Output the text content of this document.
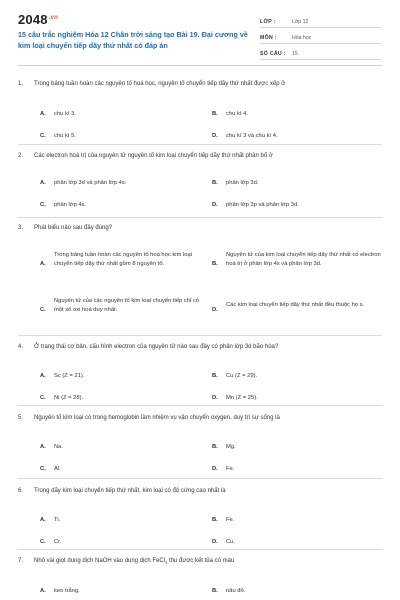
$2048^{.vn}$
15 câu trắc nghiệm Hóa 12 Chân trời sáng tạo Bài 19. Đại cương về kim loại chuyển tiếp dãy thứ nhất có đáp án
LỚP :	Lớp 12
MÔN :	Hóa học
SỐ CÂU :	15
1.	Trong bảng tuần hoàn các nguyên tố hoá học, nguyên tố chuyển tiếp dãy thứ nhất được xếp ở
A.	chu kì 3.	B.	chu kì 4.
C.	chu kì 5.	D.	chu kì 3 và chu kì 4.
2.	Các electron hoá trị của nguyên tử nguyên tố kim loại chuyển tiếp dãy thứ nhất phân bố ở
A.	phân lớp 3d và phân lớp 4s.	B.	phân lớp 3d.
C.	phân lớp 4s.	D.	phân lớp 3p và phân lớp 3d.
3.	Phát biểu nào sau đây đúng?
A.
Trong bảng tuần hoàn các nguyên tố hoá học kim loại chuyển tiếp dãy thứ nhất gồm 8 nguyên tố.	B.
Nguyên tử của kim loại chuyển tiếp dãy thứ nhất có electron hoá trị ở phân lớp 4s và phân lớp 3d.
C.
Nguyên tử của các nguyên tố kim loại chuyển tiếp chỉ có một số oxi hoá duy nhất.	D.
Các kim loại chuyển tiếp dãy thứ nhất đều thuộc họ s.
4.	Ở trạng thái cơ bản, cấu hình electron của nguyên tử nào sau đây có phân lớp 3d bão hòa?
A.	Sc (Z = 21).	B.	Cu (Z = 29).
C.	Ni (Z = 28).	D.	Mn (Z = 25).
5.	Nguyên tố kim loại có trong hemoglobin làm nhiệm vụ vận chuyển oxygen, duy trì sự sống là
A.	Na.	B.	Mg.
C.	Al.	D.	Fe.
6.	Trong dãy kim loại chuyển tiếp thứ nhất, kim loại có độ cứng cao nhất là
A.	Ti.	B.	Fe.
C.	Cr.	D.	Cu.
7.	Nhỏ vài giọt dung dịch NaOH vào dung dịch FeCl$_3$ thu được kết tủa có màu
A.	keo trắng.	B.	nâu đỏ.
